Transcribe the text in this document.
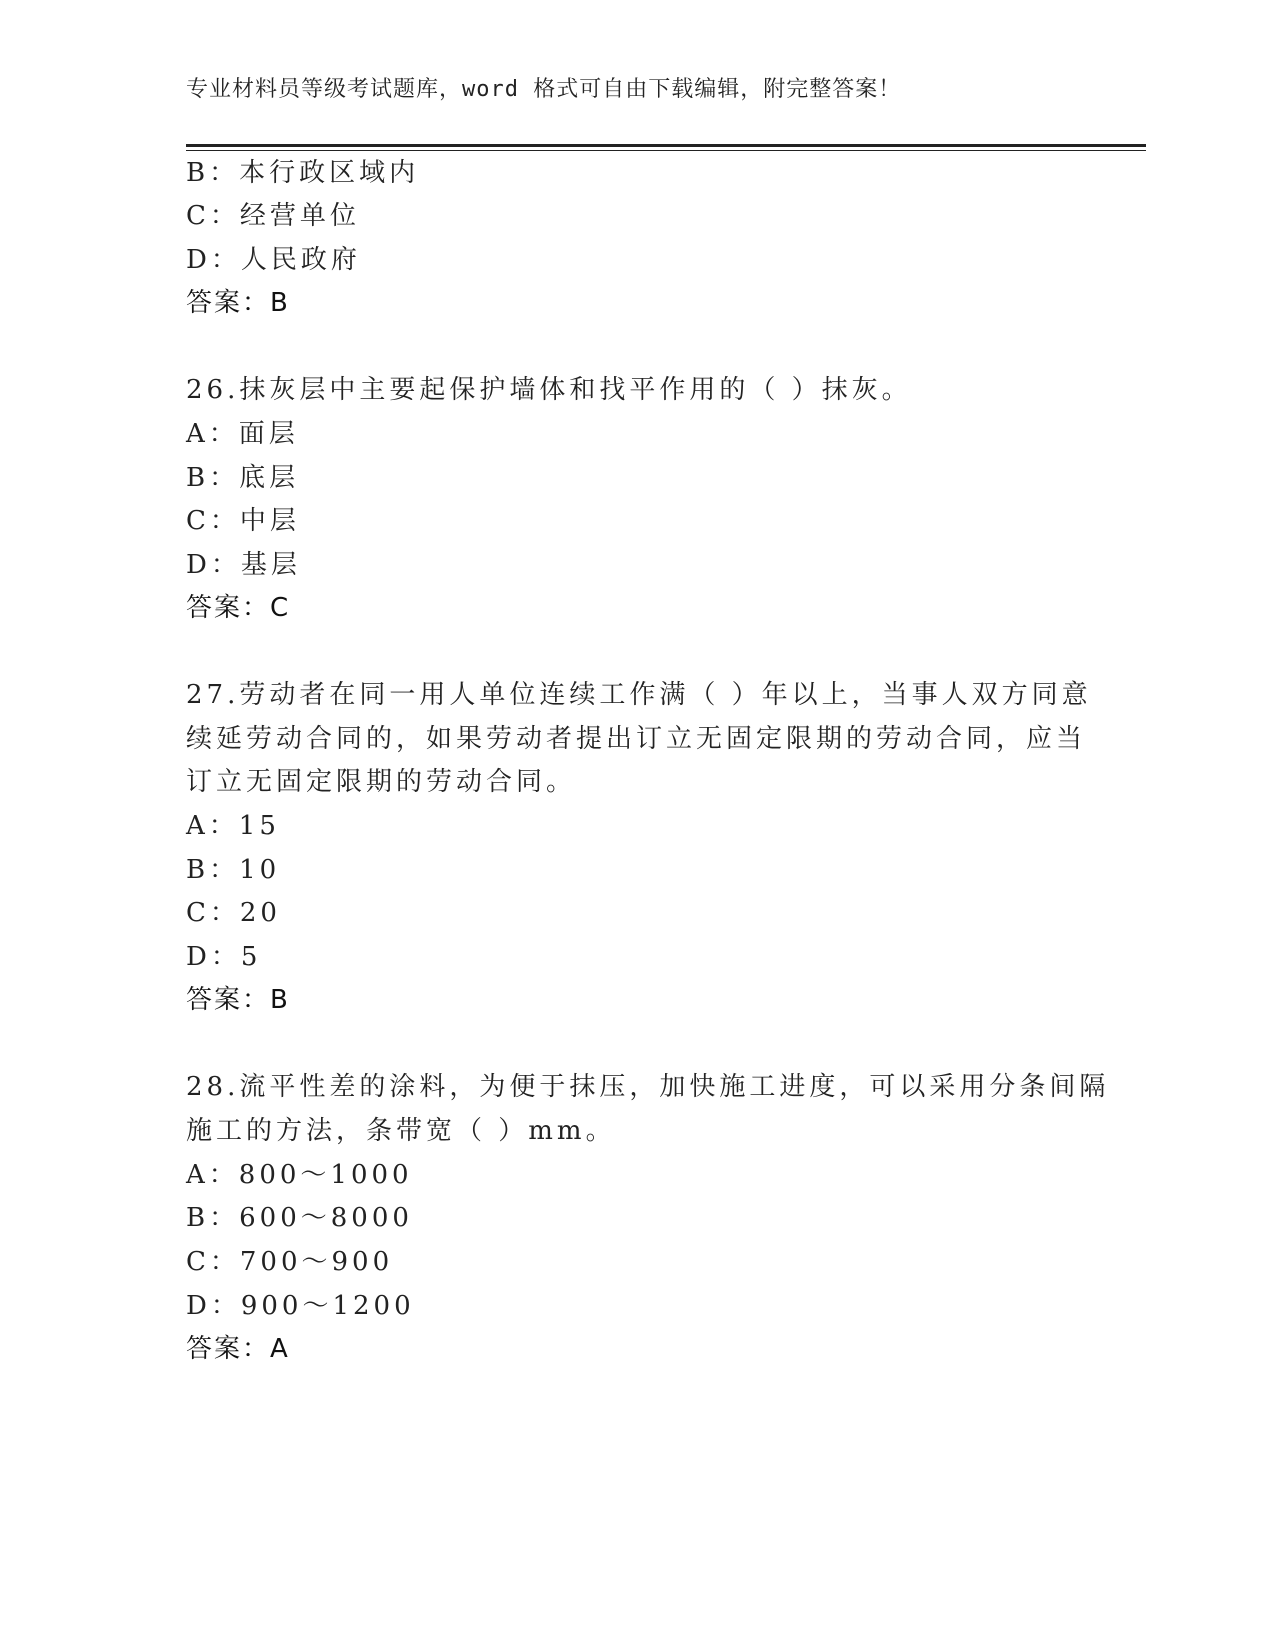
专业材料员等级考试题库，word 格式可自由下载编辑，附完整答案！
B：本行政区域内
C：经营单位
D：人民政府
答案：B
26.抹灰层中主要起保护墙体和找平作用的（ ）抹灰。
A：面层
B：底层
C：中层
D：基层
答案：C
27.劳动者在同一用人单位连续工作满（ ）年以上，当事人双方同意
续延劳动合同的，如果劳动者提出订立无固定限期的劳动合同，应当
订立无固定限期的劳动合同。
A：15
B：10
C：20
D：5
答案：B
28.流平性差的涂料，为便于抹压，加快施工进度，可以采用分条间隔
施工的方法，条带宽（ ）mm。
A：800～1000
B：600～8000
C：700～900
D：900～1200
答案：A
